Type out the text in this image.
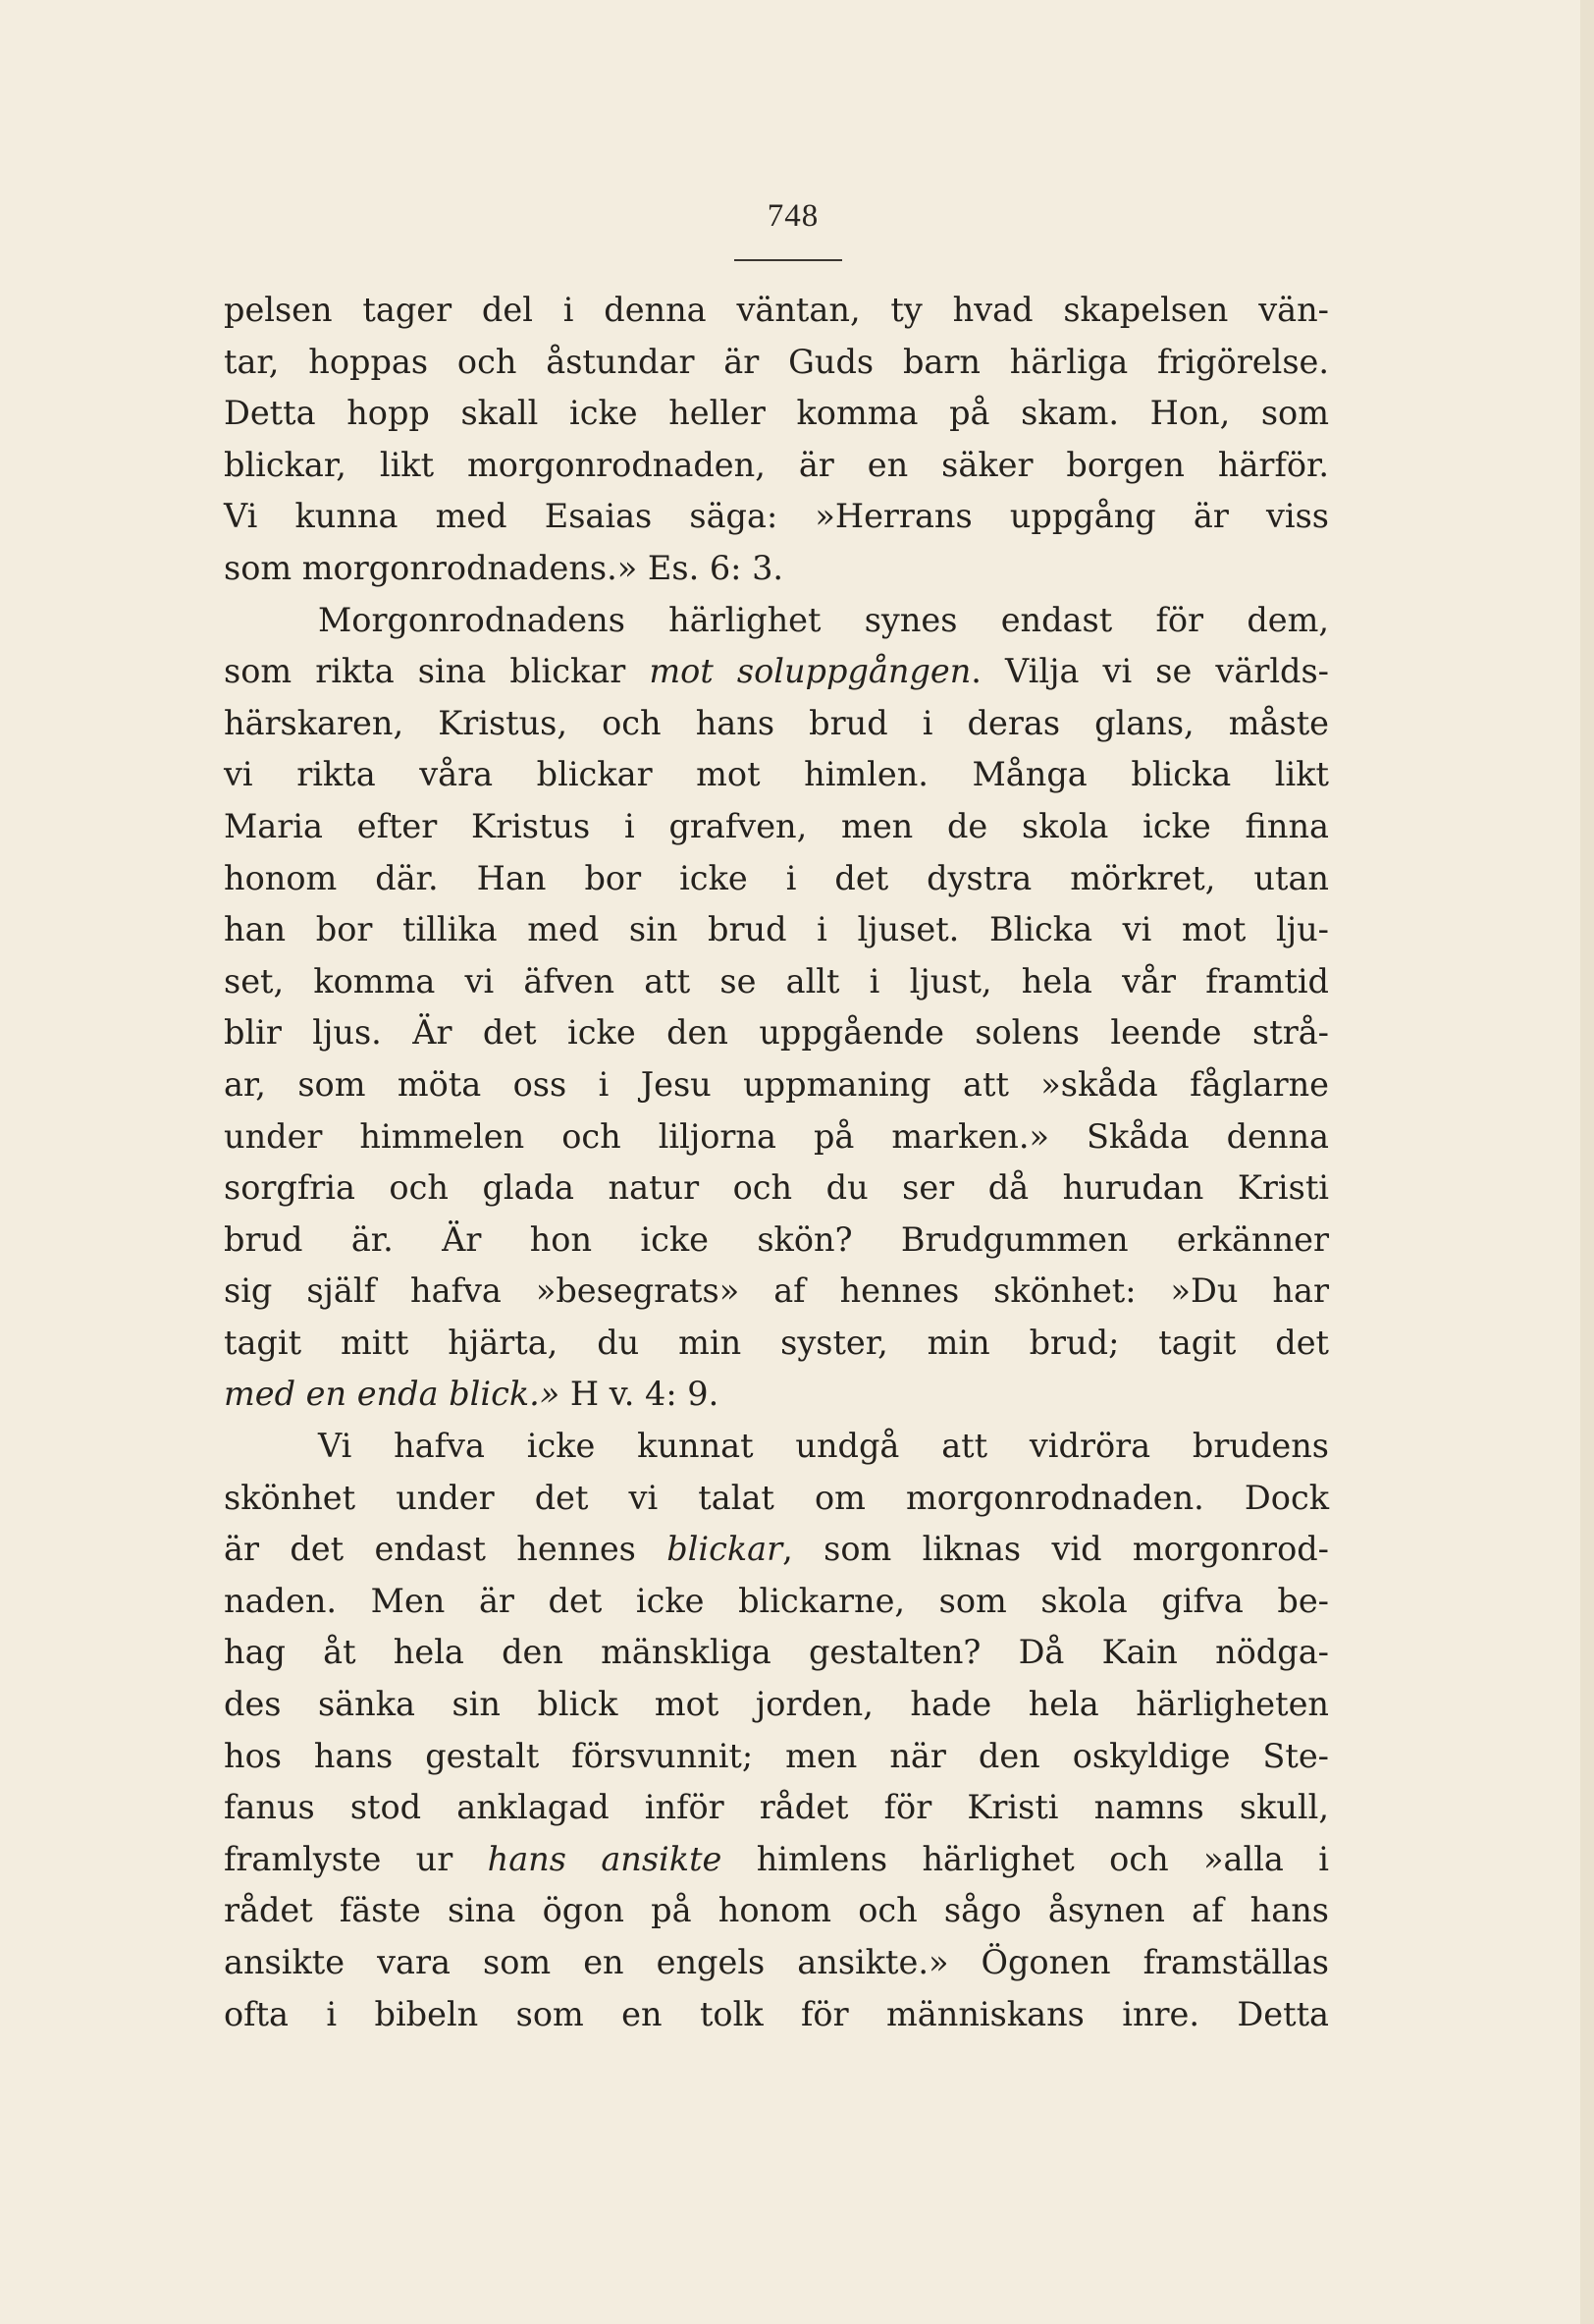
748
pelsen tager del i denna väntan, ty hvad skapelsen vän-
tar, hoppas och åstundar är Guds barn härliga frigörelse.
Detta hopp skall icke heller komma på skam. Hon, som
blickar, likt morgonrodnaden, är en säker borgen härför.
Vi kunna med Esaias säga: »Herrans uppgång är viss
som morgonrodnadens.» Es. 6: 3.
Morgonrodnadens härlighet synes endast för dem,
som rikta sina blickar mot soluppgången. Vilja vi se världs-
härskaren, Kristus, och hans brud i deras glans, måste
vi rikta våra blickar mot himlen. Många blicka likt
Maria efter Kristus i grafven, men de skola icke finna
honom där. Han bor icke i det dystra mörkret, utan
han bor tillika med sin brud i ljuset. Blicka vi mot lju-
set, komma vi äfven att se allt i ljust, hela vår framtid
blir ljus. Är det icke den uppgående solens leende strå-
ar, som möta oss i Jesu uppmaning att »skåda fåglarne
under himmelen och liljorna på marken.» Skåda denna
sorgfria och glada natur och du ser då hurudan Kristi
brud är. Är hon icke skön? Brudgummen erkänner
sig själf hafva »besegrats» af hennes skönhet: »Du har
tagit mitt hjärta, du min syster, min brud; tagit det
med en enda blick.» H v. 4: 9.
Vi hafva icke kunnat undgå att vidröra brudens
skönhet under det vi talat om morgonrodnaden. Dock
är det endast hennes blickar, som liknas vid morgonrod-
naden. Men är det icke blickarne, som skola gifva be-
hag åt hela den mänskliga gestalten? Då Kain nödga-
des sänka sin blick mot jorden, hade hela härligheten
hos hans gestalt försvunnit; men när den oskyldige Ste-
fanus stod anklagad inför rådet för Kristi namns skull,
framlyste ur hans ansikte himlens härlighet och »alla i
rådet fäste sina ögon på honom och sågo åsynen af hans
ansikte vara som en engels ansikte.» Ögonen framställas
ofta i bibeln som en tolk för människans inre. Detta
